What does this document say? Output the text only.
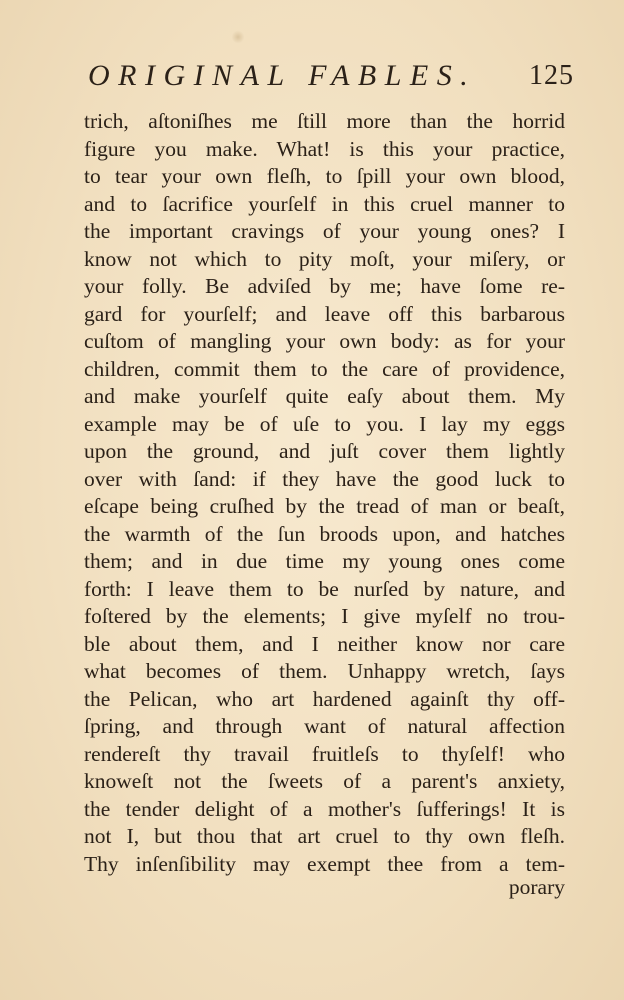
ORIGINAL FABLES. 125
trich, aſtoniſhes me ſtill more than the horrid
figure you make. What! is this your practice,
to tear your own fleſh, to ſpill your own blood,
and to ſacrifice yourſelf in this cruel manner to
the important cravings of your young ones? I
know not which to pity moſt, your miſery, or
your folly. Be adviſed by me; have ſome re-
gard for yourſelf; and leave off this barbarous
cuſtom of mangling your own body: as for your
children, commit them to the care of providence,
and make yourſelf quite eaſy about them. My
example may be of uſe to you. I lay my eggs
upon the ground, and juſt cover them lightly
over with ſand: if they have the good luck to
eſcape being cruſhed by the tread of man or beaſt,
the warmth of the ſun broods upon, and hatches
them; and in due time my young ones come
forth: I leave them to be nurſed by nature, and
foſtered by the elements; I give myſelf no trou-
ble about them, and I neither know nor care
what becomes of them. Unhappy wretch, ſays
the Pelican, who art hardened againſt thy off-
ſpring, and through want of natural affection
rendereſt thy travail fruitleſs to thyſelf! who
knoweſt not the ſweets of a parent's anxiety,
the tender delight of a mother's ſufferings! It is
not I, but thou that art cruel to thy own fleſh.
Thy inſenſibility may exempt thee from a tem-
porary
